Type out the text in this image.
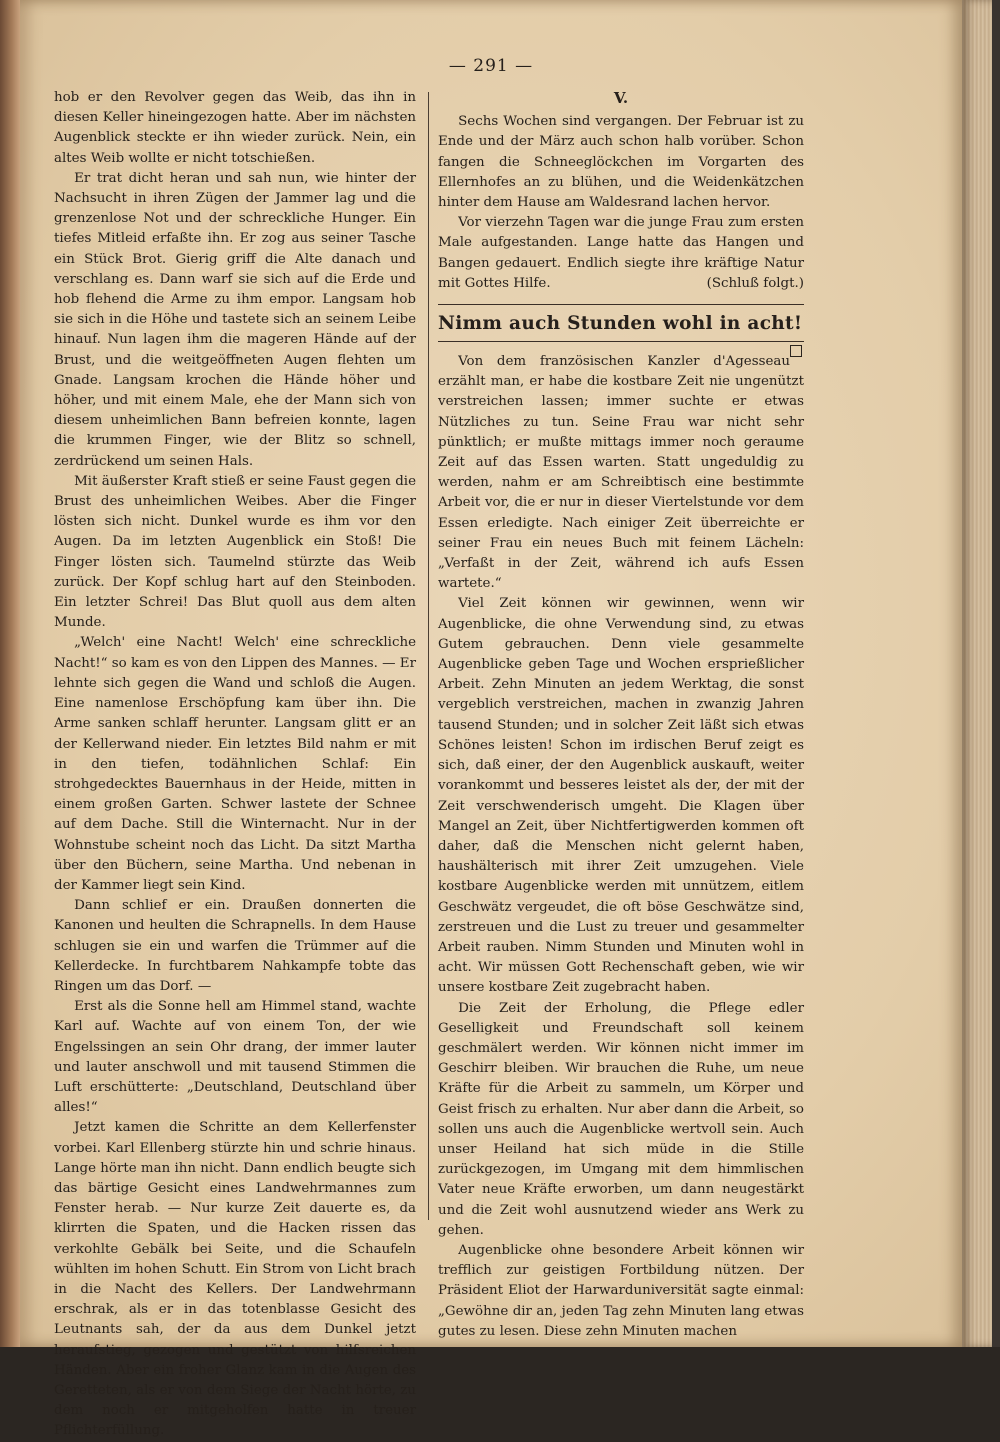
— 291 —

hob er den Revolver gegen das Weib, das ihn in diesen Keller hineingezogen hatte. Aber im nächsten Augenblick steckte er ihn wieder zurück. Nein, ein altes Weib wollte er nicht totschießen.

Er trat dicht heran und sah nun, wie hinter der Nachsucht in ihren Zügen der Jammer lag und die grenzenlose Not und der schreckliche Hunger. Ein tiefes Mitleid erfaßte ihn. Er zog aus seiner Tasche ein Stück Brot. Gierig griff die Alte danach und verschlang es. Dann warf sie sich auf die Erde und hob flehend die Arme zu ihm empor. Langsam hob sie sich in die Höhe und tastete sich an seinem Leibe hinauf. Nun lagen ihm die mageren Hände auf der Brust, und die weitgeöffneten Augen flehten um Gnade. Langsam krochen die Hände höher und höher, und mit einem Male, ehe der Mann sich von diesem unheimlichen Bann befreien konnte, lagen die krummen Finger, wie der Blitz so schnell, zerdrückend um seinen Hals.

Mit äußerster Kraft stieß er seine Faust gegen die Brust des unheimlichen Weibes. Aber die Finger lösten sich nicht. Dunkel wurde es ihm vor den Augen. Da im letzten Augenblick ein Stoß! Die Finger lösten sich. Taumelnd stürzte das Weib zurück. Der Kopf schlug hart auf den Steinboden. Ein letzter Schrei! Das Blut quoll aus dem alten Munde.

„Welch' eine Nacht! Welch' eine schreckliche Nacht!“ so kam es von den Lippen des Mannes. — Er lehnte sich gegen die Wand und schloß die Augen. Eine namenlose Erschöpfung kam über ihn. Die Arme sanken schlaff herunter. Langsam glitt er an der Kellerwand nieder. Ein letztes Bild nahm er mit in den tiefen, todähnlichen Schlaf: Ein strohgedecktes Bauernhaus in der Heide, mitten in einem großen Garten. Schwer lastete der Schnee auf dem Dache. Still die Winternacht. Nur in der Wohnstube scheint noch das Licht. Da sitzt Martha über den Büchern, seine Martha. Und nebenan in der Kammer liegt sein Kind.

Dann schlief er ein. Draußen donnerten die Kanonen und heulten die Schrapnells. In dem Hause schlugen sie ein und warfen die Trümmer auf die Kellerdecke. In furchtbarem Nahkampfe tobte das Ringen um das Dorf. —

Erst als die Sonne hell am Himmel stand, wachte Karl auf. Wachte auf von einem Ton, der wie Engelssingen an sein Ohr drang, der immer lauter und lauter anschwoll und mit tausend Stimmen die Luft erschütterte: „Deutschland, Deutschland über alles!“

Jetzt kamen die Schritte an dem Kellerfenster vorbei. Karl Ellenberg stürzte hin und schrie hinaus. Lange hörte man ihn nicht. Dann endlich beugte sich das bärtige Gesicht eines Landwehrmannes zum Fenster herab. — Nur kurze Zeit dauerte es, da klirrten die Spaten, und die Hacken rissen das verkohlte Gebälk bei Seite, und die Schaufeln wühlten im hohen Schutt. Ein Strom von Licht brach in die Nacht des Kellers. Der Landwehrmann erschrak, als er in das totenblasse Gesicht des Leutnants sah, der da aus dem Dunkel jetzt heraufstieg, gezogen und gestützt von hilfsreichen Händen. Aber ein froher Glanz kam in die Augen des Geretteten, als er von dem Siege der Nacht hörte, zu dem noch er mitgeholfen hatte in treuer Pflichterfüllung.

V.

Sechs Wochen sind vergangen. Der Februar ist zu Ende und der März auch schon halb vorüber. Schon fangen die Schneeglöckchen im Vorgarten des Ellernhofes an zu blühen, und die Weidenkätzchen hinter dem Hause am Waldesrand lachen hervor.

Vor vierzehn Tagen war die junge Frau zum ersten Male aufgestanden. Lange hatte das Hangen und Bangen gedauert. Endlich siegte ihre kräftige Natur mit Gottes Hilfe.	(Schluß folgt.)

Nimm auch Stunden wohl in acht!

Von dem französischen Kanzler d'Agesseau erzählt man, er habe die kostbare Zeit nie ungenützt verstreichen lassen; immer suchte er etwas Nützliches zu tun. Seine Frau war nicht sehr pünktlich; er mußte mittags immer noch geraume Zeit auf das Essen warten. Statt ungeduldig zu werden, nahm er am Schreibtisch eine bestimmte Arbeit vor, die er nur in dieser Viertelstunde vor dem Essen erledigte. Nach einiger Zeit überreichte er seiner Frau ein neues Buch mit feinem Lächeln: „Verfaßt in der Zeit, während ich aufs Essen wartete.“

Viel Zeit können wir gewinnen, wenn wir Augenblicke, die ohne Verwendung sind, zu etwas Gutem gebrauchen. Denn viele gesammelte Augenblicke geben Tage und Wochen ersprießlicher Arbeit. Zehn Minuten an jedem Werktag, die sonst vergeblich verstreichen, machen in zwanzig Jahren tausend Stunden; und in solcher Zeit läßt sich etwas Schönes leisten! Schon im irdischen Beruf zeigt es sich, daß einer, der den Augenblick auskauft, weiter vorankommt und besseres leistet als der, der mit der Zeit verschwenderisch umgeht. Die Klagen über Mangel an Zeit, über Nichtfertigwerden kommen oft daher, daß die Menschen nicht gelernt haben, haushälterisch mit ihrer Zeit umzugehen. Viele kostbare Augenblicke werden mit unnützem, eitlem Geschwätz vergeudet, die oft böse Geschwätze sind, zerstreuen und die Lust zu treuer und gesammelter Arbeit rauben. Nimm Stunden und Minuten wohl in acht. Wir müssen Gott Rechenschaft geben, wie wir unsere kostbare Zeit zugebracht haben.

Die Zeit der Erholung, die Pflege edler Geselligkeit und Freundschaft soll keinem geschmälert werden. Wir können nicht immer im Geschirr bleiben. Wir brauchen die Ruhe, um neue Kräfte für die Arbeit zu sammeln, um Körper und Geist frisch zu erhalten. Nur aber dann die Arbeit, so sollen uns auch die Augenblicke wertvoll sein. Auch unser Heiland hat sich müde in die Stille zurückgezogen, im Umgang mit dem himmlischen Vater neue Kräfte erworben, um dann neugestärkt und die Zeit wohl ausnutzend wieder ans Werk zu gehen.

Augenblicke ohne besondere Arbeit können wir trefflich zur geistigen Fortbildung nützen. Der Präsident Eliot der Harwarduniversität sagte einmal: „Gewöhne dir an, jeden Tag zehn Minuten lang etwas gutes zu lesen. Diese zehn Minuten machen
